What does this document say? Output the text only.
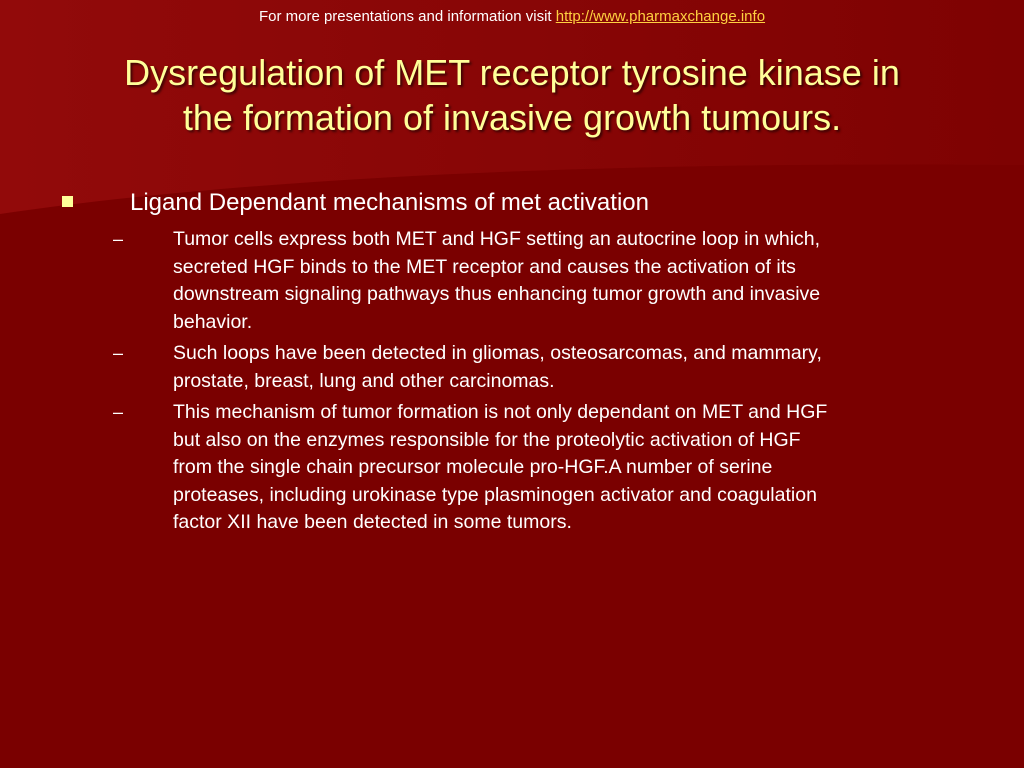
For more presentations and information visit http://www.pharmaxchange.info
Dysregulation of MET receptor tyrosine kinase in
the formation of invasive growth tumours.
Ligand Dependant mechanisms of met activation
–	Tumor cells express both MET and HGF setting an autocrine loop in which,
secreted HGF binds to the MET receptor and causes the activation of its
downstream signaling pathways thus enhancing tumor growth and invasive
behavior.
–	Such loops have been detected in gliomas, osteosarcomas, and mammary,
prostate, breast, lung and other carcinomas.
–	This mechanism of tumor formation is not only dependant on MET and HGF
but also on the enzymes responsible for the proteolytic activation of HGF
from the single chain precursor molecule pro-HGF.A number of serine
proteases, including urokinase type plasminogen activator and coagulation
factor XII have been detected in some tumors.
